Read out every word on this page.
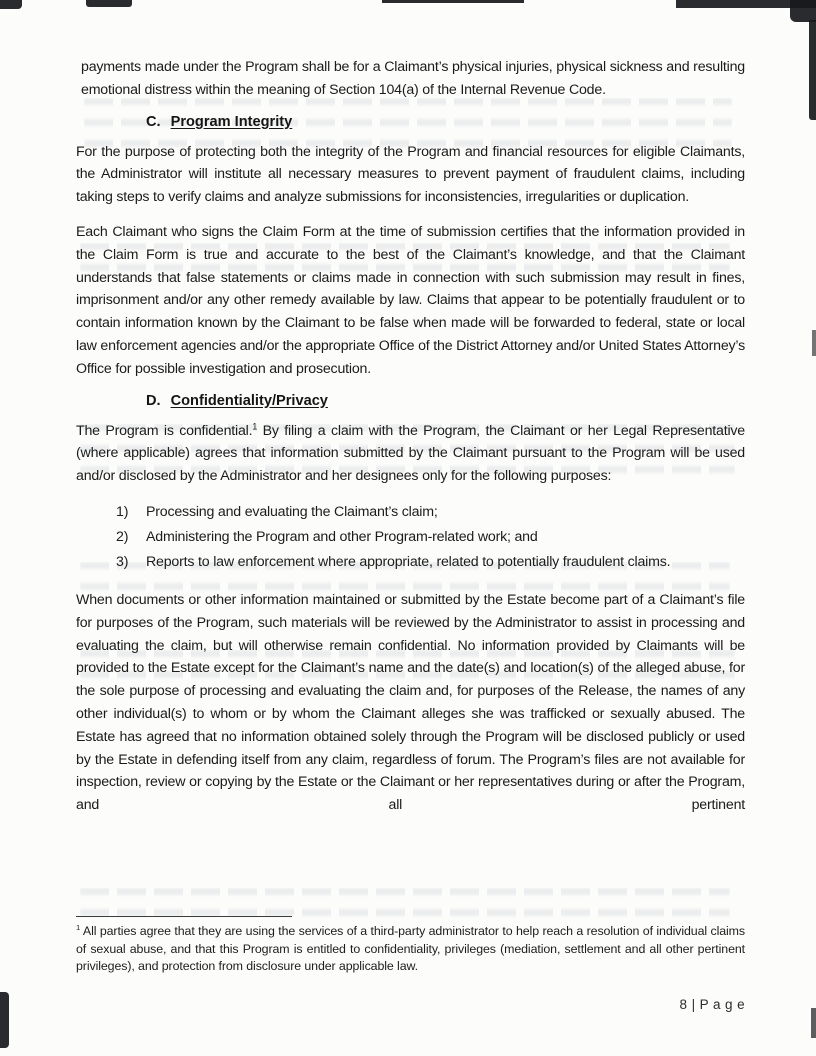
payments made under the Program shall be for a Claimant’s physical injuries, physical sickness and resulting emotional distress within the meaning of Section 104(a) of the Internal Revenue Code.

C. Program Integrity

For the purpose of protecting both the integrity of the Program and financial resources for eligible Claimants, the Administrator will institute all necessary measures to prevent payment of fraudulent claims, including taking steps to verify claims and analyze submissions for inconsistencies, irregularities or duplication.

Each Claimant who signs the Claim Form at the time of submission certifies that the information provided in the Claim Form is true and accurate to the best of the Claimant’s knowledge, and that the Claimant understands that false statements or claims made in connection with such submission may result in fines, imprisonment and/or any other remedy available by law. Claims that appear to be potentially fraudulent or to contain information known by the Claimant to be false when made will be forwarded to federal, state or local law enforcement agencies and/or the appropriate Office of the District Attorney and/or United States Attorney’s Office for possible investigation and prosecution.

D. Confidentiality/Privacy

The Program is confidential.$^1$ By filing a claim with the Program, the Claimant or her Legal Representative (where applicable) agrees that information submitted by the Claimant pursuant to the Program will be used and/or disclosed by the Administrator and her designees only for the following purposes:

1)	Processing and evaluating the Claimant’s claim;
2)	Administering the Program and other Program-related work; and
3)	Reports to law enforcement where appropriate, related to potentially fraudulent claims.

When documents or other information maintained or submitted by the Estate become part of a Claimant’s file for purposes of the Program, such materials will be reviewed by the Administrator to assist in processing and evaluating the claim, but will otherwise remain confidential. No information provided by Claimants will be provided to the Estate except for the Claimant’s name and the date(s) and location(s) of the alleged abuse, for the sole purpose of processing and evaluating the claim and, for purposes of the Release, the names of any other individual(s) to whom or by whom the Claimant alleges she was trafficked or sexually abused. The Estate has agreed that no information obtained solely through the Program will be disclosed publicly or used by the Estate in defending itself from any claim, regardless of forum. The Program’s files are not available for inspection, review or copying by the Estate or the Claimant or her representatives during or after the Program, and all pertinent

$^1$ All parties agree that they are using the services of a third-party administrator to help reach a resolution of individual claims of sexual abuse, and that this Program is entitled to confidentiality, privileges (mediation, settlement and all other pertinent privileges), and protection from disclosure under applicable law.

8 | P a g e
